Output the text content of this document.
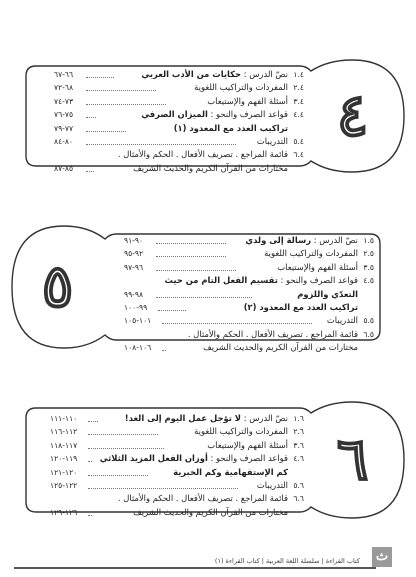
٤
١.٤
نصّ الدرس : حكايات من الأدب العربي
٦٦-٦٧
٢.٤
المفردات والتراكيب اللغوية
٦٨-٧٢
٣.٤
أسئلة الفهم والإستيعاب
٧٣-٧٤
٤.٤
قواعد الصرف والنحو : الميزان الصرفي
٧٥-٧٦
تراكيب العدد مع المعدود (١)
٧٧-٧٩
٥.٤
التدريبات
٨٠-٨٤
٦.٤
قائمة المراجع . تصريف الأفعال . الحكم والأمثال .
مختارات من القرآن الكريم والحديث الشريف
٨٥-٨٧
٥
١.٥
نصّ الدرس : رسالة إلى ولدي
٩٠-٩١
٢.٥
المفردات والتراكيب اللغوية
٩٢-٩٥
٣.٥
أسئلة الفهم والإستيعاب
٩٦-٩٧
٤.٥
قواعد الصرف والنحو : تقسيم الفعل التام من حيث
التعدّي واللزوم
٩٨-٩٩
تراكيب العدد مع المعدود (٢)
٩٩-١٠٠
٥.٥
التدريبات
١٠١-١٠٥
٦.٥
قائمة المراجع . تصريف الأفعال . الحكم والأمثال .
مختارات من القرآن الكريم والحديث الشريف
١٠٦-١٠٨
٦
١.٦
نصّ الدرس : لا تؤجل عمل اليوم إلى الغد!
١١٠-١١١
٢.٦
المفردات والتراكيب اللغوية
١١٢-١١٦
٣.٦
أسئلة الفهم والإستيعاب
١١٧-١١٨
٤.٦
قواعد الصرف والنحو : أوزان الفعل المزيد الثلاثي
١١٩-١٢٠
كم الإستفهامية وكم الخبرية
١٢٠-١٢١
٥.٦
التدريبات
١٢٢-١٢٥
٦.٦
قائمة المراجع . تصريف الأفعال . الحكم والأمثال .
مختارات من القرآن الكريم والحديث الشريف
١٢٦-١٢٩
كتاب القراءة | سلسلة اللغة العربية | كتاب القراءة (١) ث
